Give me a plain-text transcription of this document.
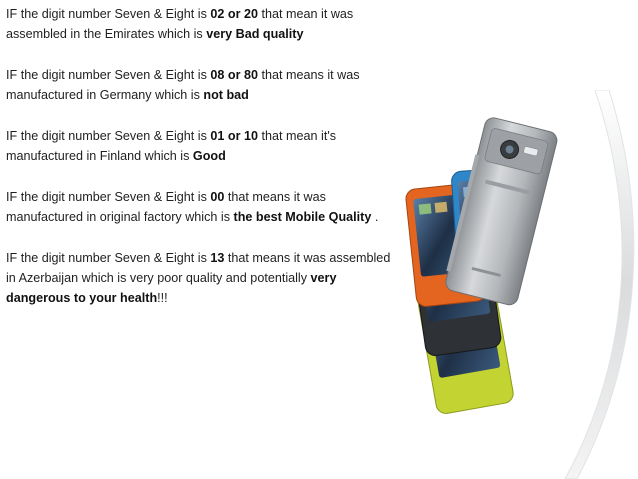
IF the digit number Seven & Eight is 02 or 20 that mean it was assembled in the Emirates which is very Bad quality

IF the digit number Seven & Eight is 08 or 80 that means it was manufactured in Germany which is not bad

IF the digit number Seven & Eight is 01 or 10 that mean it's manufactured in Finland which is Good

IF the digit number Seven & Eight is 00 that means it was manufactured in original factory which is the best Mobile Quality .

IF the digit number Seven & Eight is 13 that means it was assembled in Azerbaijan which is very poor quality and potentially very dangerous to your health!!!
